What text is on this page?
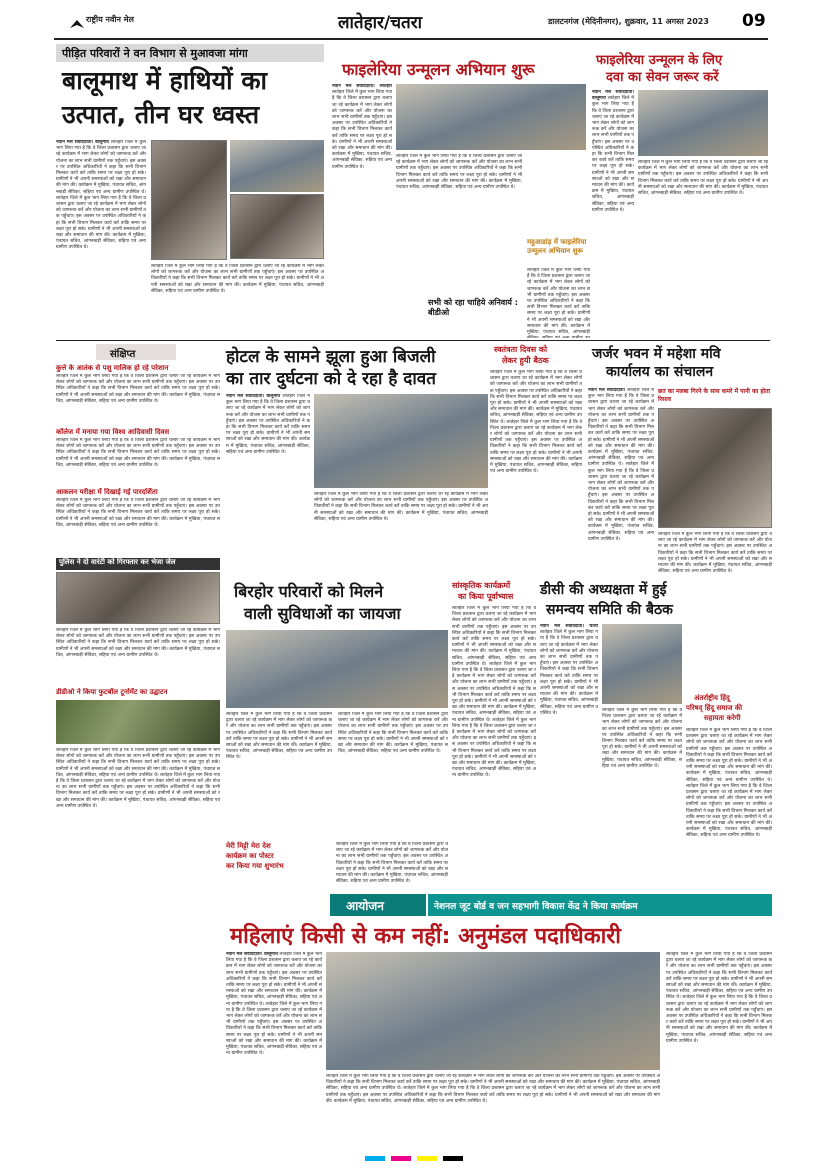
राष्ट्रीय नवीन मेल	लातेहार/चतरा	डालटनगंज (मेदिनीनगर), शुक्रवार, 11 अगस्त 2023 09
पीड़ित परिवारों ने वन विभाग से मुआवजा मांगा
बालूमाथ में हाथियों का
उत्पात, तीन घर ध्वस्त
नवीन मेल संवाददाता। बालूमाथ लातेहार जिले में कुल भाग लिया गया है कि वे जिला प्रशासन द्वारा चलाए जा रहे कार्यक्रम में भाग लेकर लोगों को जागरूक करें और योजना का लाभ सभी ग्रामीणों तक पहुँचाएं। इस अवसर पर उपस्थित अधिकारियों ने कहा कि सभी विभाग मिलकर कार्य करें ताकि समय पर लक्ष्य पूरा हो सके। ग्रामीणों ने भी अपनी समस्याओं को रखा और समाधान की मांग की। कार्यक्रम में मुखिया, पंचायत सचिव, आंगनबाड़ी सेविका, सहिया एवं अन्य ग्रामीण उपस्थित थे। लातेहार जिले में कुल भाग लिया गया है कि वे जिला प्रशासन द्वारा चलाए जा रहे कार्यक्रम में भाग लेकर लोगों को जागरूक करें और योजना का लाभ सभी ग्रामीणों तक पहुँचाएं। इस अवसर पर उपस्थित अधिकारियों ने कहा कि सभी विभाग मिलकर कार्य करें ताकि समय पर लक्ष्य पूरा हो सके। ग्रामीणों ने भी अपनी समस्याओं को रखा और समाधान की मांग की। कार्यक्रम में मुखिया, पंचायत सचिव, आंगनबाड़ी सेविका, सहिया एवं अन्य ग्रामीण उपस्थित थे।
लातेहार जिले में कुल भाग लिया गया है कि वे जिला प्रशासन द्वारा चलाए जा रहे कार्यक्रम में भाग लेकर लोगों को जागरूक करें और योजना का लाभ सभी ग्रामीणों तक पहुँचाएं। इस अवसर पर उपस्थित अधिकारियों ने कहा कि सभी विभाग मिलकर कार्य करें ताकि समय पर लक्ष्य पूरा हो सके। ग्रामीणों ने भी अपनी समस्याओं को रखा और समाधान की मांग की। कार्यक्रम में मुखिया, पंचायत सचिव, आंगनबाड़ी सेविका, सहिया एवं अन्य ग्रामीण उपस्थित थे।
फाइलेरिया उन्मूलन अभियान शुरू
नवीन मेल संवाददाता। लातेहार लातेहार जिले में कुल भाग लिया गया है कि वे जिला प्रशासन द्वारा चलाए जा रहे कार्यक्रम में भाग लेकर लोगों को जागरूक करें और योजना का लाभ सभी ग्रामीणों तक पहुँचाएं। इस अवसर पर उपस्थित अधिकारियों ने कहा कि सभी विभाग मिलकर कार्य करें ताकि समय पर लक्ष्य पूरा हो सके। ग्रामीणों ने भी अपनी समस्याओं को रखा और समाधान की मांग की। कार्यक्रम में मुखिया, पंचायत सचिव, आंगनबाड़ी सेविका, सहिया एवं अन्य ग्रामीण उपस्थित थे।
लातेहार जिले में कुल भाग लिया गया है कि वे जिला प्रशासन द्वारा चलाए जा रहे कार्यक्रम में भाग लेकर लोगों को जागरूक करें और योजना का लाभ सभी ग्रामीणों तक पहुँचाएं। इस अवसर पर उपस्थित अधिकारियों ने कहा कि सभी विभाग मिलकर कार्य करें ताकि समय पर लक्ष्य पूरा हो सके। ग्रामीणों ने भी अपनी समस्याओं को रखा और समाधान की मांग की। कार्यक्रम में मुखिया, पंचायत सचिव, आंगनबाड़ी सेविका, सहिया एवं अन्य ग्रामीण उपस्थित थे।
सभी को रहा चाहिये अनिवार्य : बीडीओ
महुआडांड़ में फाइलेरिया उन्मूलन अभियान शुरू
लातेहार जिले में कुल भाग लिया गया है कि वे जिला प्रशासन द्वारा चलाए जा रहे कार्यक्रम में भाग लेकर लोगों को जागरूक करें और योजना का लाभ सभी ग्रामीणों तक पहुँचाएं। इस अवसर पर उपस्थित अधिकारियों ने कहा कि सभी विभाग मिलकर कार्य करें ताकि समय पर लक्ष्य पूरा हो सके। ग्रामीणों ने भी अपनी समस्याओं को रखा और समाधान की मांग की। कार्यक्रम में मुखिया, पंचायत सचिव, आंगनबाड़ी
फाइलेरिया उन्मूलन के लिए
दवा का सेवन जरूर करें
नवीन मेल संवाददाता। बालूमाथ लातेहार जिले में कुल भाग लिया गया है कि वे जिला प्रशासन द्वारा चलाए जा रहे कार्यक्रम में भाग लेकर लोगों को जागरूक करें और योजना का लाभ सभी ग्रामीणों तक पहुँचाएं। इस अवसर पर उपस्थित अधिकारियों ने कहा कि सभी विभाग मिलकर कार्य करें ताकि समय पर लक्ष्य पूरा हो सके। ग्रामीणों ने भी अपनी समस्याओं को रखा और समाधान की मांग की। कार्यक्रम में मुखिया, पंचायत सचिव, आंगनबाड़ी सेविका, सहिया एवं अन्य ग्रामीण उपस्थित थे।
लातेहार जिले में कुल भाग लिया गया है कि वे जिला प्रशासन द्वारा चलाए जा रहे कार्यक्रम में भाग लेकर लोगों को जागरूक करें और योजना का लाभ सभी ग्रामीणों तक पहुँचाएं। इस अवसर पर उपस्थित अधिकारियों ने कहा कि सभी विभाग मिलकर कार्य करें ताकि समय पर लक्ष्य पूरा हो सके। ग्रामीणों ने भी अपनी समस्याओं को रखा और समाधान की मांग की। कार्यक्रम में मुखिया, पंचायत सचिव, आंगनबाड़ी सेविका, सहिया एवं अन्य ग्रामीण उपस्थित थे।
संक्षिप्त
कुत्ते के आतंक से पशु मालिक हो रहे परेशान
लातेहार जिले में कुल भाग लिया गया है कि वे जिला प्रशासन द्वारा चलाए जा रहे कार्यक्रम में भाग लेकर लोगों को जागरूक करें और योजना का लाभ सभी ग्रामीणों तक पहुँचाएं। इस अवसर पर उपस्थित अधिकारियों ने कहा कि सभी विभाग मिलकर कार्य करें ताकि समय पर लक्ष्य पूरा हो सके। ग्रामीणों ने भी अपनी समस्याओं को रखा और समाधान की मांग की। कार्यक्रम में मुखिया, पंचायत सचिव, आंगनबाड़ी सेविका, सहिया एवं अन्य ग्रामीण उपस्थित थे।
कॉलेज में मनाया गया विश्व आदिवासी दिवस
लातेहार जिले में कुल भाग लिया गया है कि वे जिला प्रशासन द्वारा चलाए जा रहे कार्यक्रम में भाग लेकर लोगों को जागरूक करें और योजना का लाभ सभी ग्रामीणों तक पहुँचाएं। इस अवसर पर उपस्थित अधिकारियों ने कहा कि सभी विभाग मिलकर कार्य करें ताकि समय पर लक्ष्य पूरा हो सके। ग्रामीणों ने भी अपनी समस्याओं को रखा और समाधान की मांग की। कार्यक्रम में मुखिया, पंचायत सचिव, आंगनबाड़ी सेविका, सहिया एवं अन्य ग्रामीण उपस्थित थे।
आकलन परीक्षा में दिखाई गई पारदर्शिता
लातेहार जिले में कुल भाग लिया गया है कि वे जिला प्रशासन द्वारा चलाए जा रहे कार्यक्रम में भाग लेकर लोगों को जागरूक करें और योजना का लाभ सभी ग्रामीणों तक पहुँचाएं। इस अवसर पर उपस्थित अधिकारियों ने कहा कि सभी विभाग मिलकर कार्य करें ताकि समय पर लक्ष्य पूरा हो सके। ग्रामीणों ने भी अपनी समस्याओं को रखा और समाधान की मांग की। कार्यक्रम में मुखिया, पंचायत सचिव, आंगनबाड़ी सेविका, सहिया एवं अन्य ग्रामीण उपस्थित थे।
पुलिस ने दो वारंटी को गिरफ्तार कर भेजा जेल
लातेहार जिले में कुल भाग लिया गया है कि वे जिला प्रशासन द्वारा चलाए जा रहे कार्यक्रम में भाग लेकर लोगों को जागरूक करें और योजना का लाभ सभी ग्रामीणों तक पहुँचाएं। इस अवसर पर उपस्थित अधिकारियों ने कहा कि सभी विभाग मिलकर कार्य करें ताकि समय पर लक्ष्य पूरा हो सके। ग्रामीणों ने भी अपनी समस्याओं को रखा और समाधान की मांग की। कार्यक्रम में मुखिया, पंचायत सचिव, आंगनबाड़ी सेविका, सहिया एवं अन्य ग्रामीण उपस्थित थे।
डीडीओ ने किया फुटबॉल टूर्नामेंट का उद्घाटन
लातेहार जिले में कुल भाग लिया गया है कि वे जिला प्रशासन द्वारा चलाए जा रहे कार्यक्रम में भाग लेकर लोगों को जागरूक करें और योजना का लाभ सभी ग्रामीणों तक पहुँचाएं। इस अवसर पर उपस्थित अधिकारियों ने कहा कि सभी विभाग मिलकर कार्य करें ताकि समय पर लक्ष्य पूरा हो सके। ग्रामीणों ने भी अपनी समस्याओं को रखा और समाधान की मांग की। कार्यक्रम में मुखिया, पंचायत सचिव, आंगनबाड़ी सेविका, सहिया एवं अन्य ग्रामीण उपस्थित थे। लातेहार जिले में कुल भाग लिया गया है कि वे जिला प्रशासन द्वारा चलाए जा रहे कार्यक्रम में भाग लेकर लोगों को जागरूक करें और योजना का लाभ सभी ग्रामीणों तक पहुँचाएं। इस अवसर पर उपस्थित अधिकारियों ने कहा कि सभी विभाग मिलकर कार्य करें ताकि समय पर लक्ष्य पूरा हो सके। ग्रामीणों ने भी अपनी समस्याओं को रखा और समाधान की मांग की। कार्यक्रम में मुखिया, पंचायत सचिव, आंगनबाड़ी सेविका, सहिया एवं अन्य ग्रामीण उपस्थित थे।
होटल के सामने झूला हुआ बिजली
का तार दुर्घटना को दे रहा है दावत
नवीन मेल संवाददाता। बालूमाथ लातेहार जिले में कुल भाग लिया गया है कि वे जिला प्रशासन द्वारा चलाए जा रहे कार्यक्रम में भाग लेकर लोगों को जागरूक करें और योजना का लाभ सभी ग्रामीणों तक पहुँचाएं। इस अवसर पर उपस्थित अधिकारियों ने कहा कि सभी विभाग मिलकर कार्य करें ताकि समय पर लक्ष्य पूरा हो सके। ग्रामीणों ने भी अपनी समस्याओं को रखा और समाधान की मांग की। कार्यक्रम में मुखिया, पंचायत सचिव, आंगनबाड़ी सेविका, सहिया एवं अन्य ग्रामीण उपस्थित थे।
लातेहार जिले में कुल भाग लिया गया है कि वे जिला प्रशासन द्वारा चलाए जा रहे कार्यक्रम में भाग लेकर लोगों को जागरूक करें और योजना का लाभ सभी ग्रामीणों तक पहुँचाएं। इस अवसर पर उपस्थित अधिकारियों ने कहा कि सभी विभाग मिलकर कार्य करें ताकि समय पर लक्ष्य पूरा हो सके। ग्रामीणों ने भी अपनी समस्याओं को रखा और समाधान की मांग की। कार्यक्रम में मुखिया, पंचायत सचिव, आंगनबाड़ी सेविका, सहिया एवं अन्य ग्रामीण उपस्थित थे।
स्वतंत्रता दिवस को
लेकर हुयी बैठक
लातेहार जिले में कुल भाग लिया गया है कि वे जिला प्रशासन द्वारा चलाए जा रहे कार्यक्रम में भाग लेकर लोगों को जागरूक करें और योजना का लाभ सभी ग्रामीणों तक पहुँचाएं। इस अवसर पर उपस्थित अधिकारियों ने कहा कि सभी विभाग मिलकर कार्य करें ताकि समय पर लक्ष्य पूरा हो सके। ग्रामीणों ने भी अपनी समस्याओं को रखा और समाधान की मांग की। कार्यक्रम में मुखिया, पंचायत सचिव, आंगनबाड़ी सेविका, सहिया एवं अन्य ग्रामीण उपस्थित थे। लातेहार जिले में कुल भाग लिया गया है कि वे जिला प्रशासन द्वारा चलाए जा रहे कार्यक्रम में भाग लेकर लोगों को जागरूक करें और योजना का लाभ सभी ग्रामीणों तक पहुँचाएं। इस अवसर पर उपस्थित अधिकारियों ने कहा कि सभी विभाग मिलकर कार्य करें ताकि समय पर लक्ष्य पूरा हो सके। ग्रामीणों ने भी अपनी समस्याओं को रखा और समाधान की मांग की। कार्यक्रम में मुखिया, पंचायत सचिव, आंगनबाड़ी सेविका, सहिया एवं अन्य ग्रामीण उपस्थित थे।
जर्जर भवन में महेशा मवि
कार्यालय का संचालन
नवीन मेल संवाददाता। लातेहार जिले में कुल भाग लिया गया है कि वे जिला प्रशासन द्वारा चलाए जा रहे कार्यक्रम में भाग लेकर लोगों को जागरूक करें और योजना का लाभ सभी ग्रामीणों तक पहुँचाएं। इस अवसर पर उपस्थित अधिकारियों ने कहा कि सभी विभाग मिलकर कार्य करें ताकि समय पर लक्ष्य पूरा हो सके। ग्रामीणों ने भी अपनी समस्याओं को रखा और समाधान की मांग की। कार्यक्रम में मुखिया, पंचायत सचिव, आंगनबाड़ी सेविका, सहिया एवं अन्य ग्रामीण उपस्थित थे। लातेहार जिले में कुल भाग लिया गया है कि वे जिला प्रशासन द्वारा चलाए जा रहे कार्यक्रम में भाग लेकर लोगों को जागरूक करें और योजना का लाभ सभी ग्रामीणों तक पहुँचाएं। इस अवसर पर उपस्थित अधिकारियों ने कहा कि सभी विभाग मिलकर कार्य करें ताकि समय पर लक्ष्य पूरा हो सके। ग्रामीणों ने भी अपनी समस्याओं को रखा और समाधान की मांग की। कार्यक्रम में मुखिया, पंचायत सचिव, आंगनबाड़ी सेविका, सहिया एवं अन्य ग्रामीण उपस्थित थे।
छत का मलबा गिरने के साथ कमरे में पानी का होता रिसाव
लातेहार जिले में कुल भाग लिया गया है कि वे जिला प्रशासन द्वारा चलाए जा रहे कार्यक्रम में भाग लेकर लोगों को जागरूक करें और योजना का लाभ सभी ग्रामीणों तक पहुँचाएं। इस अवसर पर उपस्थित अधिकारियों ने कहा कि सभी विभाग मिलकर कार्य करें ताकि समय पर लक्ष्य पूरा हो सके। ग्रामीणों ने भी अपनी समस्याओं को रखा और समाधान की मांग की। कार्यक्रम में मुखिया, पंचायत सचिव, आंगनबाड़ी सेविका, सहिया एवं अन्य ग्रामीण उपस्थित थे।
बिरहोर परिवारों को मिलने
वाली सुविधाओं का जायजा
लातेहार जिले में कुल भाग लिया गया है कि वे जिला प्रशासन द्वारा चलाए जा रहे कार्यक्रम में भाग लेकर लोगों को जागरूक करें और योजना का लाभ सभी ग्रामीणों तक पहुँचाएं। इस अवसर पर उपस्थित अधिकारियों ने कहा कि सभी विभाग मिलकर कार्य करें ताकि समय पर लक्ष्य पूरा हो सके। ग्रामीणों ने भी अपनी समस्याओं को रखा और समाधान की मांग की। कार्यक्रम में मुखिया, पंचायत सचिव, आंगनबाड़ी सेविका, सहिया एवं अन्य ग्रामीण उपस्थित थे।
लातेहार जिले में कुल भाग लिया गया है कि वे जिला प्रशासन द्वारा चलाए जा रहे कार्यक्रम में भाग लेकर लोगों को जागरूक करें और योजना का लाभ सभी ग्रामीणों तक पहुँचाएं। इस अवसर पर उपस्थित अधिकारियों ने कहा कि सभी विभाग मिलकर कार्य करें ताकि समय पर लक्ष्य पूरा हो सके। ग्रामीणों ने भी अपनी समस्याओं को रखा और समाधान की मांग की। कार्यक्रम में मुखिया, पंचायत सचिव, आंगनबाड़ी सेविका, सहिया एवं अन्य ग्रामीण उपस्थित थे।
सांस्कृतिक कार्यक्रमों
का किया पूर्वाभ्यास
लातेहार जिले में कुल भाग लिया गया है कि वे जिला प्रशासन द्वारा चलाए जा रहे कार्यक्रम में भाग लेकर लोगों को जागरूक करें और योजना का लाभ सभी ग्रामीणों तक पहुँचाएं। इस अवसर पर उपस्थित अधिकारियों ने कहा कि सभी विभाग मिलकर कार्य करें ताकि समय पर लक्ष्य पूरा हो सके। ग्रामीणों ने भी अपनी समस्याओं को रखा और समाधान की मांग की। कार्यक्रम में मुखिया, पंचायत सचिव, आंगनबाड़ी सेविका, सहिया एवं अन्य ग्रामीण उपस्थित थे। लातेहार जिले में कुल भाग लिया गया है कि वे जिला प्रशासन द्वारा चलाए जा रहे कार्यक्रम में भाग लेकर लोगों को जागरूक करें और योजना का लाभ सभी ग्रामीणों तक पहुँचाएं। इस अवसर पर उपस्थित अधिकारियों ने कहा कि सभी विभाग मिलकर कार्य करें ताकि समय पर लक्ष्य पूरा हो सके। ग्रामीणों ने भी अपनी समस्याओं को रखा और समाधान की मांग की। कार्यक्रम में मुखिया, पंचायत सचिव, आंगनबाड़ी सेविका, सहिया एवं अन्य ग्रामीण उपस्थित थे। लातेहार जिले में कुल भाग लिया गया है कि वे जिला प्रशासन द्वारा चलाए जा रहे कार्यक्रम में भाग लेकर लोगों को जागरूक करें और योजना का लाभ सभी ग्रामीणों तक पहुँचाएं। इस अवसर पर उपस्थित अधिकारियों ने कहा कि सभी विभाग मिलकर कार्य करें ताकि समय पर लक्ष्य पूरा हो सके। ग्रामीणों ने भी अपनी समस्याओं को रखा और समाधान की मांग की। कार्यक्रम में मुखिया, पंचायत सचिव, आंगनबाड़ी सेविका, सहिया एवं अन्य ग्रामीण उपस्थित थे।
डीसी की अध्यक्षता में हुई
समन्वय समिति की बैठक
नवीन मेल संवाददाता। चतरा लातेहार जिले में कुल भाग लिया गया है कि वे जिला प्रशासन द्वारा चलाए जा रहे कार्यक्रम में भाग लेकर लोगों को जागरूक करें और योजना का लाभ सभी ग्रामीणों तक पहुँचाएं। इस अवसर पर उपस्थित अधिकारियों ने कहा कि सभी विभाग मिलकर कार्य करें ताकि समय पर लक्ष्य पूरा हो सके। ग्रामीणों ने भी अपनी समस्याओं को रखा और समाधान की मांग की। कार्यक्रम में मुखिया, पंचायत सचिव, आंगनबाड़ी सेविका, सहिया एवं अन्य ग्रामीण उपस्थित थे।
लातेहार जिले में कुल भाग लिया गया है कि वे जिला प्रशासन द्वारा चलाए जा रहे कार्यक्रम में भाग लेकर लोगों को जागरूक करें और योजना का लाभ सभी ग्रामीणों तक पहुँचाएं। इस अवसर पर उपस्थित अधिकारियों ने कहा कि सभी विभाग मिलकर कार्य करें ताकि समय पर लक्ष्य पूरा हो सके। ग्रामीणों ने भी अपनी समस्याओं को रखा और समाधान की मांग की। कार्यक्रम में मुखिया, पंचायत सचिव, आंगनबाड़ी सेविका, सहिया एवं अन्य ग्रामीण उपस्थित थे।
अंतर्राष्ट्रीय हिंदू
परिषद् हिंदू समाज की
सहायता करेगी
लातेहार जिले में कुल भाग लिया गया है कि वे जिला प्रशासन द्वारा चलाए जा रहे कार्यक्रम में भाग लेकर लोगों को जागरूक करें और योजना का लाभ सभी ग्रामीणों तक पहुँचाएं। इस अवसर पर उपस्थित अधिकारियों ने कहा कि सभी विभाग मिलकर कार्य करें ताकि समय पर लक्ष्य पूरा हो सके। ग्रामीणों ने भी अपनी समस्याओं को रखा और समाधान की मांग की। कार्यक्रम में मुखिया, पंचायत सचिव, आंगनबाड़ी सेविका, सहिया एवं अन्य ग्रामीण उपस्थित थे। लातेहार जिले में कुल भाग लिया गया है कि वे जिला प्रशासन द्वारा चलाए जा रहे कार्यक्रम में भाग लेकर लोगों को जागरूक करें और योजना का लाभ सभी ग्रामीणों तक पहुँचाएं। इस अवसर पर उपस्थित अधिकारियों ने कहा कि सभी विभाग मिलकर कार्य करें ताकि समय पर लक्ष्य पूरा हो सके। ग्रामीणों ने भी अपनी समस्याओं को रखा और समाधान की मांग की। कार्यक्रम में मुखिया, पंचायत सचिव, आंगनबाड़ी सेविका, सहिया एवं अन्य ग्रामीण उपस्थित थे।
मेरी मिट्टी मेरा देश
कार्यक्रम का पोस्टर
कर किया गया शुभारंभ
लातेहार जिले में कुल भाग लिया गया है कि वे जिला प्रशासन द्वारा चलाए जा रहे कार्यक्रम में भाग लेकर लोगों को जागरूक करें और योजना का लाभ सभी ग्रामीणों तक पहुँचाएं। इस अवसर पर उपस्थित अधिकारियों ने कहा कि सभी विभाग मिलकर कार्य करें ताकि समय पर लक्ष्य पूरा हो सके। ग्रामीणों ने भी अपनी समस्याओं को रखा और समाधान की मांग की। कार्यक्रम में मुखिया, पंचायत सचिव, आंगनबाड़ी सेविका, सहिया एवं अन्य ग्रामीण उपस्थित थे।
आयोजन	नेशनल जूट बोर्ड व जन सहभागी विकास केंद्र ने किया कार्यक्रम
महिलाएं किसी से कम नहीं: अनुमंडल पदाधिकारी
नवीन मेल संवाददाता। बालूमाथ लातेहार जिले में कुल भाग लिया गया है कि वे जिला प्रशासन द्वारा चलाए जा रहे कार्यक्रम में भाग लेकर लोगों को जागरूक करें और योजना का लाभ सभी ग्रामीणों तक पहुँचाएं। इस अवसर पर उपस्थित अधिकारियों ने कहा कि सभी विभाग मिलकर कार्य करें ताकि समय पर लक्ष्य पूरा हो सके। ग्रामीणों ने भी अपनी समस्याओं को रखा और समाधान की मांग की। कार्यक्रम में मुखिया, पंचायत सचिव, आंगनबाड़ी सेविका, सहिया एवं अन्य ग्रामीण उपस्थित थे। लातेहार जिले में कुल भाग लिया गया है कि वे जिला प्रशासन द्वारा चलाए जा रहे कार्यक्रम में भाग लेकर लोगों को जागरूक करें और योजना का लाभ सभी ग्रामीणों तक पहुँचाएं। इस अवसर पर उपस्थित अधिकारियों ने कहा कि सभी विभाग मिलकर कार्य करें ताकि समय पर लक्ष्य पूरा हो सके। ग्रामीणों ने भी अपनी समस्याओं को रखा और समाधान की मांग की। कार्यक्रम में मुखिया, पंचायत सचिव, आंगनबाड़ी सेविका, सहिया एवं अन्य ग्रामीण उपस्थित थे।
लातेहार जिले में कुल भाग लिया गया है कि वे जिला प्रशासन द्वारा चलाए जा रहे कार्यक्रम में भाग लेकर लोगों को जागरूक करें और योजना का लाभ सभी ग्रामीणों तक पहुँचाएं। इस अवसर पर उपस्थित अधिकारियों ने कहा कि सभी विभाग मिलकर कार्य करें ताकि समय पर लक्ष्य पूरा हो सके। ग्रामीणों ने भी अपनी समस्याओं को रखा और समाधान की मांग की। कार्यक्रम में मुखिया, पंचायत सचिव, आंगनबाड़ी सेविका, सहिया एवं अन्य ग्रामीण उपस्थित थे। लातेहार जिले में कुल भाग लिया गया है कि वे जिला प्रशासन द्वारा चलाए जा रहे कार्यक्रम में भाग लेकर लोगों को जागरूक करें और योजना का लाभ सभी ग्रामीणों तक पहुँचाएं। इस अवसर पर उपस्थित अधिकारियों ने कहा कि सभी विभाग मिलकर कार्य करें ताकि समय पर लक्ष्य पूरा हो सके। ग्रामीणों ने भी अपनी समस्याओं को रखा और समाधान की मांग की। कार्यक्रम में मुखिया, पंचायत सचिव, आंगनबाड़ी सेविका, सहिया एवं अन्य ग्रामीण उपस्थित थे।
लातेहार जिले में कुल भाग लिया गया है कि वे जिला प्रशासन द्वारा चलाए जा रहे कार्यक्रम में भाग लेकर लोगों को जागरूक करें और योजना का लाभ सभी ग्रामीणों तक पहुँचाएं। इस अवसर पर उपस्थित अधिकारियों ने कहा कि सभी विभाग मिलकर कार्य करें ताकि समय पर लक्ष्य पूरा हो सके। ग्रामीणों ने भी अपनी समस्याओं को रखा और समाधान की मांग की। कार्यक्रम में मुखिया, पंचायत सचिव, आंगनबाड़ी सेविका, सहिया एवं अन्य ग्रामीण उपस्थित थे। लातेहार जिले में कुल भाग लिया गया है कि वे जिला प्रशासन द्वारा चलाए जा रहे कार्यक्रम में भाग लेकर लोगों को जागरूक करें और योजना का लाभ सभी ग्रामीणों तक पहुँचाएं। इस अवसर पर उपस्थित अधिकारियों ने कहा कि सभी विभाग मिलकर कार्य करें ताकि समय पर लक्ष्य पूरा हो सके। ग्रामीणों ने भी अपनी समस्याओं को रखा और समाधान की मांग की। कार्यक्रम में मुखिया, पंचायत सचिव, आंगनबाड़ी सेविका, सहिया एवं अन्य ग्रामीण उपस्थित थे।
